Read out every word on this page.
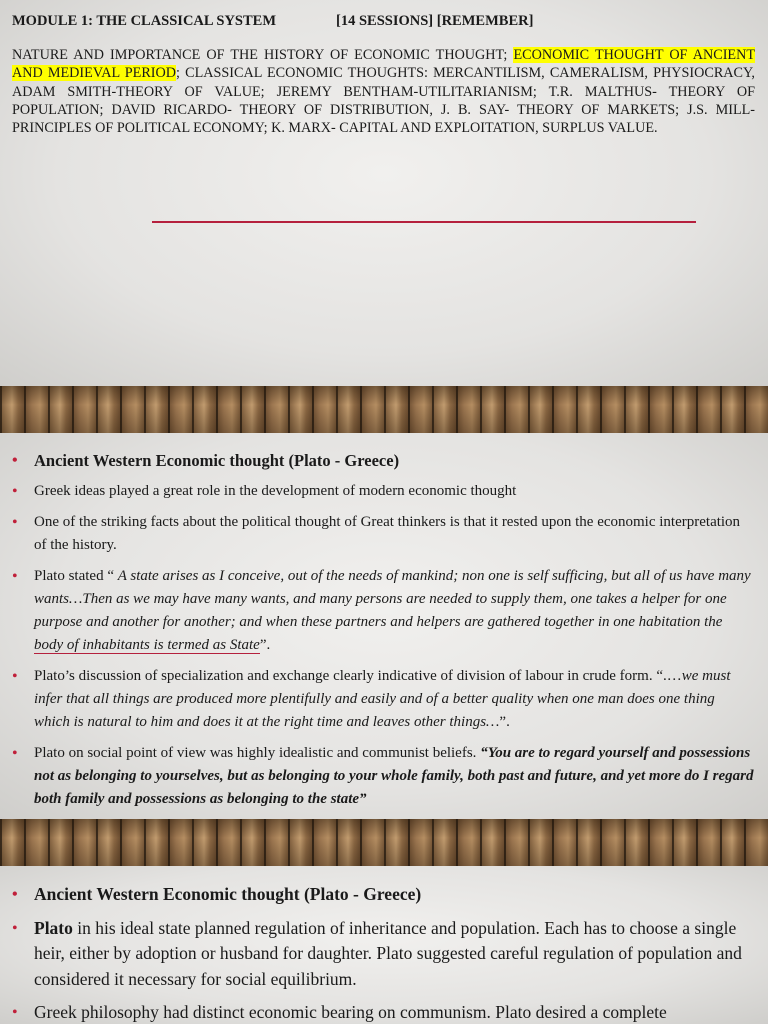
MODULE 1: THE CLASSICAL SYSTEM	[14 SESSIONS] [REMEMBER]
NATURE AND IMPORTANCE OF THE HISTORY OF ECONOMIC THOUGHT; ECONOMIC THOUGHT OF ANCIENT AND MEDIEVAL PERIOD; CLASSICAL ECONOMIC THOUGHTS: MERCANTILISM, CAMERALISM, PHYSIOCRACY, ADAM SMITH-THEORY OF VALUE; JEREMY BENTHAM-UTILITARIANISM; T.R. MALTHUS- THEORY OF POPULATION; DAVID RICARDO- THEORY OF DISTRIBUTION, J. B. SAY- THEORY OF MARKETS; J.S. MILL- PRINCIPLES OF POLITICAL ECONOMY; K. MARX- CAPITAL AND EXPLOITATION, SURPLUS VALUE.
• Ancient Western Economic thought (Plato - Greece)
• Greek ideas played a great role in the development of modern economic thought
• One of the striking facts about the political thought of Great thinkers is that it rested upon the economic interpretation of the history.
• Plato stated “ A state arises as I conceive, out of the needs of mankind; non one is self sufficing, but all of us have many wants…Then as we may have many wants, and many persons are needed to supply them, one takes a helper for one purpose and another for another; and when these partners and helpers are gathered together in one habitation the body of inhabitants is termed as State”.
• Plato’s discussion of specialization and exchange clearly indicative of division of labour in crude form. “.…we must infer that all things are produced more plentifully and easily and of a better quality when one man does one thing which is natural to him and does it at the right time and leaves other things…”.
• Plato on social point of view was highly idealistic and communist beliefs. “You are to regard yourself and possessions not as belonging to yourselves, but as belonging to your whole family, both past and future, and yet more do I regard both family and possessions as belonging to the state”
• Ancient Western Economic thought (Plato - Greece)
• Plato in his ideal state planned regulation of inheritance and population. Each has to choose a single heir, either by adoption or husband for daughter. Plato suggested careful regulation of population and considered it necessary for social equilibrium.
• Greek philosophy had distinct economic bearing on communism. Plato desired a complete
